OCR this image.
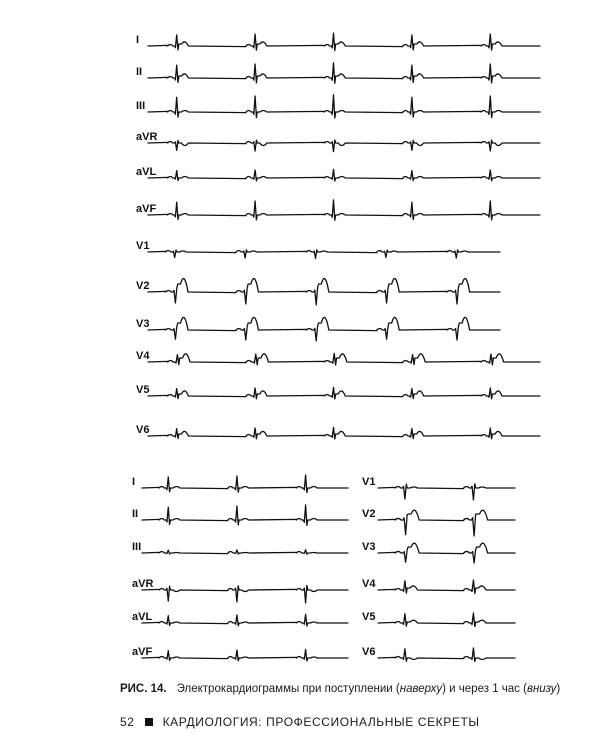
I
II
III
aVR
aVL
aVF
V1
V2
V3
V4
V5
V6
I
II
III
aVR
aVL
aVF
V1
V2
V3
V4
V5
V6
РИС. 14. Электрокардиограммы при поступлении (наверху) и через 1 час (внизу)
52 КАРДИОЛОГИЯ: ПРОФЕССИОНАЛЬНЫЕ СЕКРЕТЫ
